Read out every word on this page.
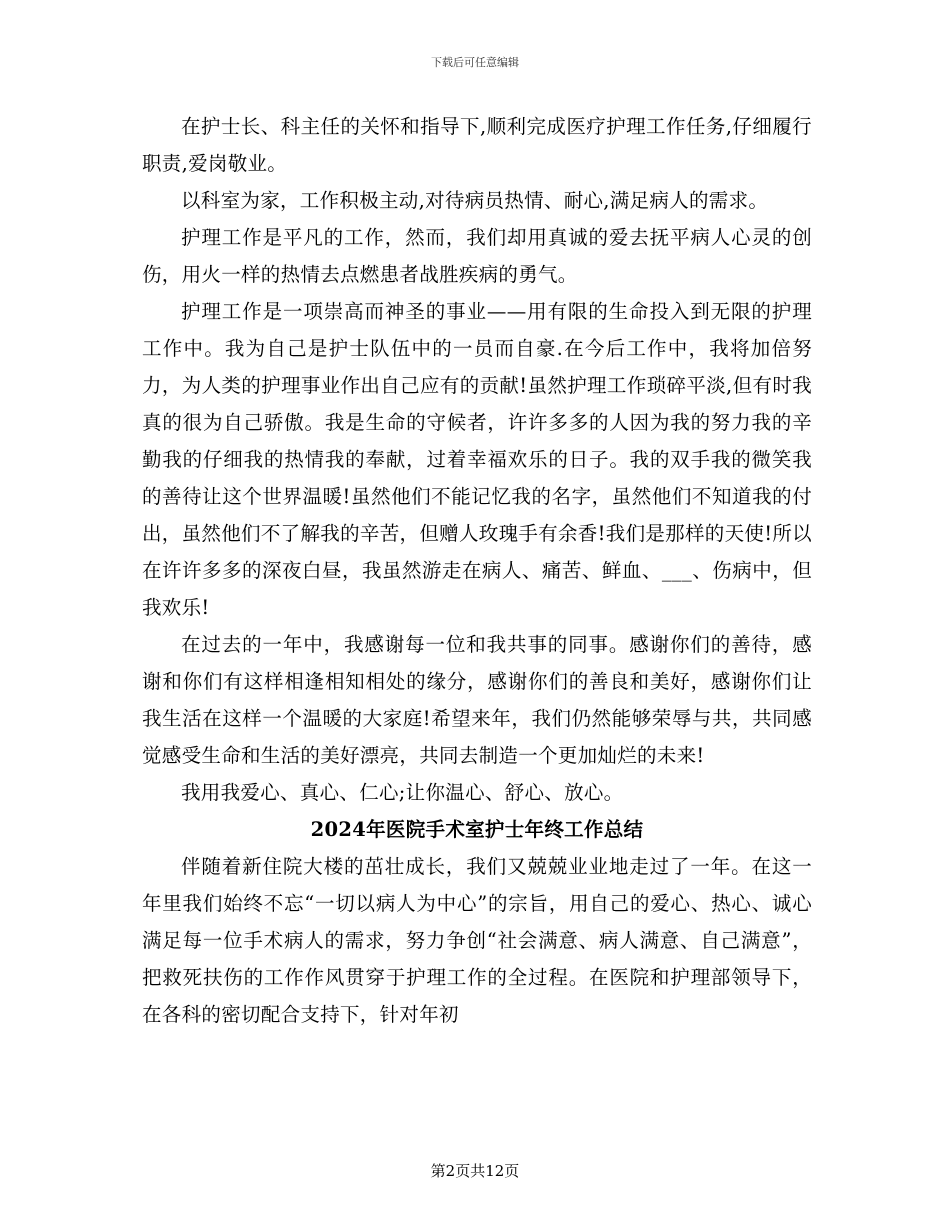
下载后可任意编辑

在护士长、科主任的关怀和指导下,顺利完成医疗护理工作任务,仔细履行职责,爱岗敬业。

以科室为家，工作积极主动,对待病员热情、耐心,满足病人的需求。

护理工作是平凡的工作，然而，我们却用真诚的爱去抚平病人心灵的创伤，用火一样的热情去点燃患者战胜疾病的勇气。

护理工作是一项崇高而神圣的事业——用有限的生命投入到无限的护理工作中。我为自己是护士队伍中的一员而自豪.在今后工作中，我将加倍努力，为人类的护理事业作出自己应有的贡献!虽然护理工作琐碎平淡,但有时我真的很为自己骄傲。我是生命的守候者，许许多多的人因为我的努力我的辛勤我的仔细我的热情我的奉献，过着幸福欢乐的日子。我的双手我的微笑我的善待让这个世界温暖!虽然他们不能记忆我的名字，虽然他们不知道我的付出，虽然他们不了解我的辛苦，但赠人玫瑰手有余香!我们是那样的天使!所以在许许多多的深夜白昼，我虽然游走在病人、痛苦、鲜血、___、伤病中，但我欢乐!

在过去的一年中，我感谢每一位和我共事的同事。感谢你们的善待，感谢和你们有这样相逢相知相处的缘分，感谢你们的善良和美好，感谢你们让我生活在这样一个温暖的大家庭!希望来年，我们仍然能够荣辱与共，共同感觉感受生命和生活的美好漂亮，共同去制造一个更加灿烂的未来!

我用我爱心、真心、仁心;让你温心、舒心、放心。

2024年医院手术室护士年终工作总结

伴随着新住院大楼的茁壮成长，我们又兢兢业业地走过了一年。在这一年里我们始终不忘“一切以病人为中心”的宗旨，用自己的爱心、热心、诚心满足每一位手术病人的需求，努力争创“社会满意、病人满意、自己满意”，把救死扶伤的工作作风贯穿于护理工作的全过程。在医院和护理部领导下，在各科的密切配合支持下，针对年初

第2页共12页
